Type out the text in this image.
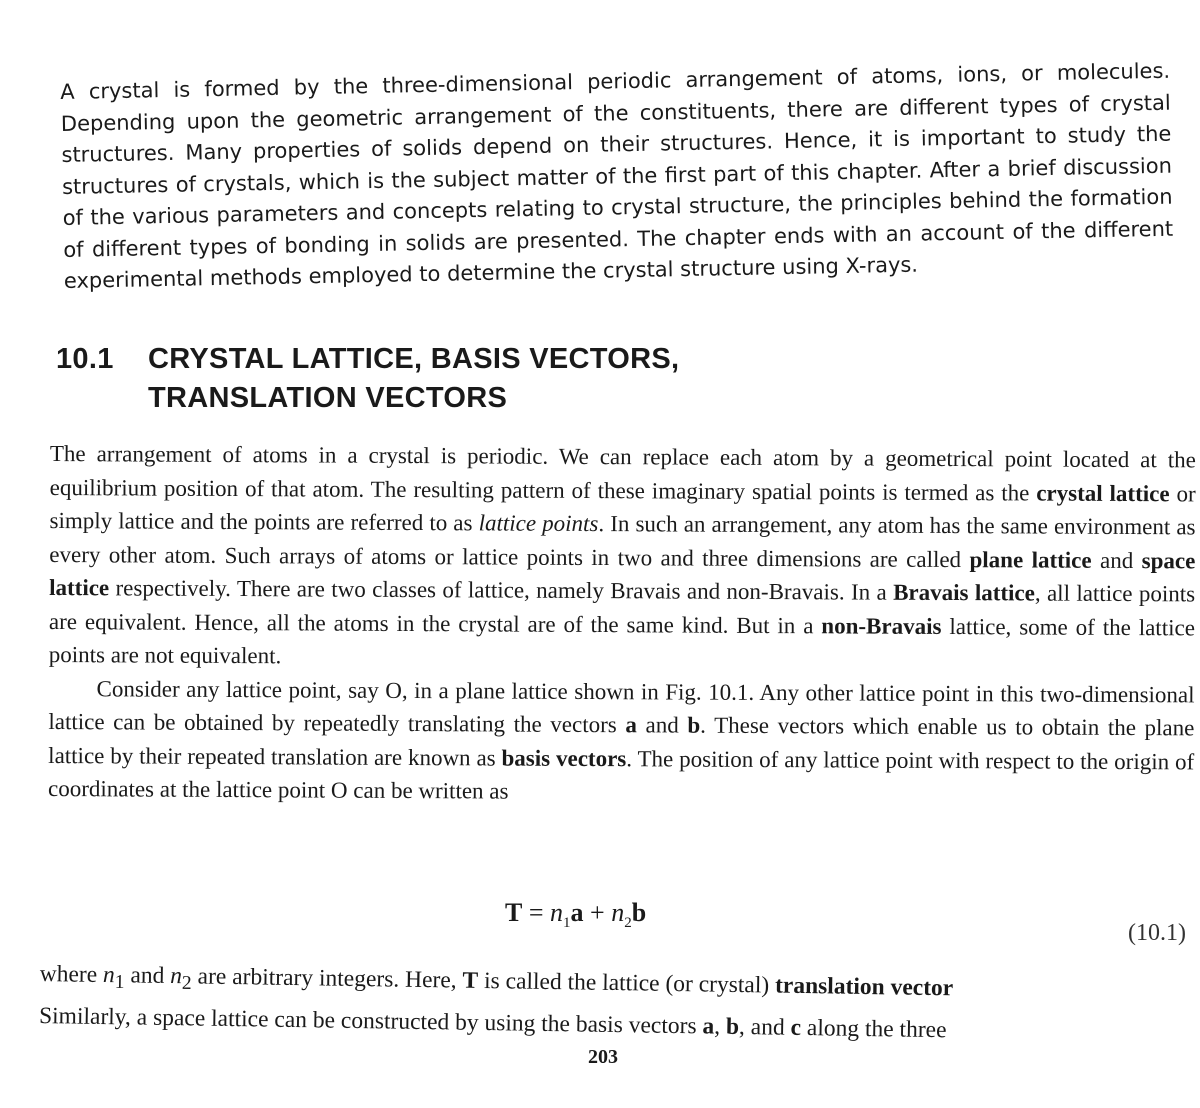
A crystal is formed by the three-dimensional periodic arrangement of atoms, ions, or molecules. Depending upon the geometric arrangement of the constituents, there are different types of crystal structures. Many properties of solids depend on their structures. Hence, it is important to study the structures of crystals, which is the subject matter of the first part of this chapter. After a brief discussion of the various parameters and concepts relating to crystal structure, the principles behind the formation of different types of bonding in solids are presented. The chapter ends with an account of the different experimental methods employed to determine the crystal structure using X-rays.

10.1 CRYSTAL LATTICE, BASIS VECTORS,
TRANSLATION VECTORS

The arrangement of atoms in a crystal is periodic. We can replace each atom by a geometrical point located at the equilibrium position of that atom. The resulting pattern of these imaginary spatial points is termed as the crystal lattice or simply lattice and the points are referred to as lattice points. In such an arrangement, any atom has the same environment as every other atom. Such arrays of atoms or lattice points in two and three dimensions are called plane lattice and space lattice respectively. There are two classes of lattice, namely Bravais and non-Bravais. In a Bravais lattice, all lattice points are equivalent. Hence, all the atoms in the crystal are of the same kind. But in a non-Bravais lattice, some of the lattice points are not equivalent.

Consider any lattice point, say O, in a plane lattice shown in Fig. 10.1. Any other lattice point in this two-dimensional lattice can be obtained by repeatedly translating the vectors a and b. These vectors which enable us to obtain the plane lattice by their repeated translation are known as basis vectors. The position of any lattice point with respect to the origin of coordinates at the lattice point O can be written as

$T = n_1a + n_2b$
(10.1)
where $n_1$ and $n_2$ are arbitrary integers. Here, T is called the lattice (or crystal) translation vector
Similarly, a space lattice can be constructed by using the basis vectors a, b, and c along the three
203
